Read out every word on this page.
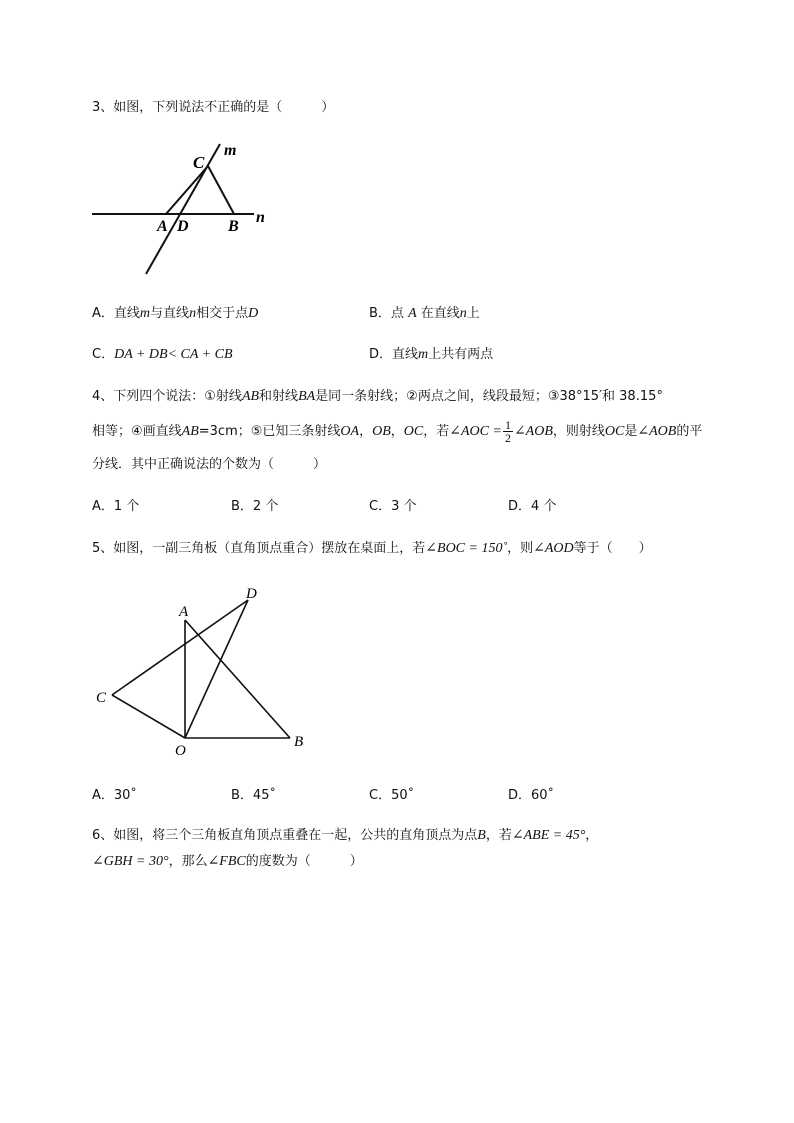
3、如图，下列说法不正确的是（　　　）
C
m
A D B
n
A．直线m与直线n相交于点D	B．点 A 在直线n上
C．DA + DB< CA + CB	D．直线m上共有两点
4、下列四个说法：①射线AB和射线BA是同一条射线；②两点之间，线段最短；③38°15′和 38.15°
相等；④画直线AB=3cm；⑤已知三条射线OA，OB，OC，若∠AOC = $\frac{1}{2}$ ∠AOB，则射线OC是∠AOB的平
分线．其中正确说法的个数为（　　　）
A．1 个	B．2 个	C．3 个	D．4 个
5、如图，一副三角板（直角顶点重合）摆放在桌面上，若∠BOC = 150˚，则∠AOD等于（　　）
A
D
C
O
B
A．30˚	B．45˚	C．50˚	D．60˚
6、如图，将三个三角板直角顶点重叠在一起，公共的直角顶点为点B，若∠ABE = 45°，
∠GBH = 30°，那么∠FBC的度数为（　　　）
